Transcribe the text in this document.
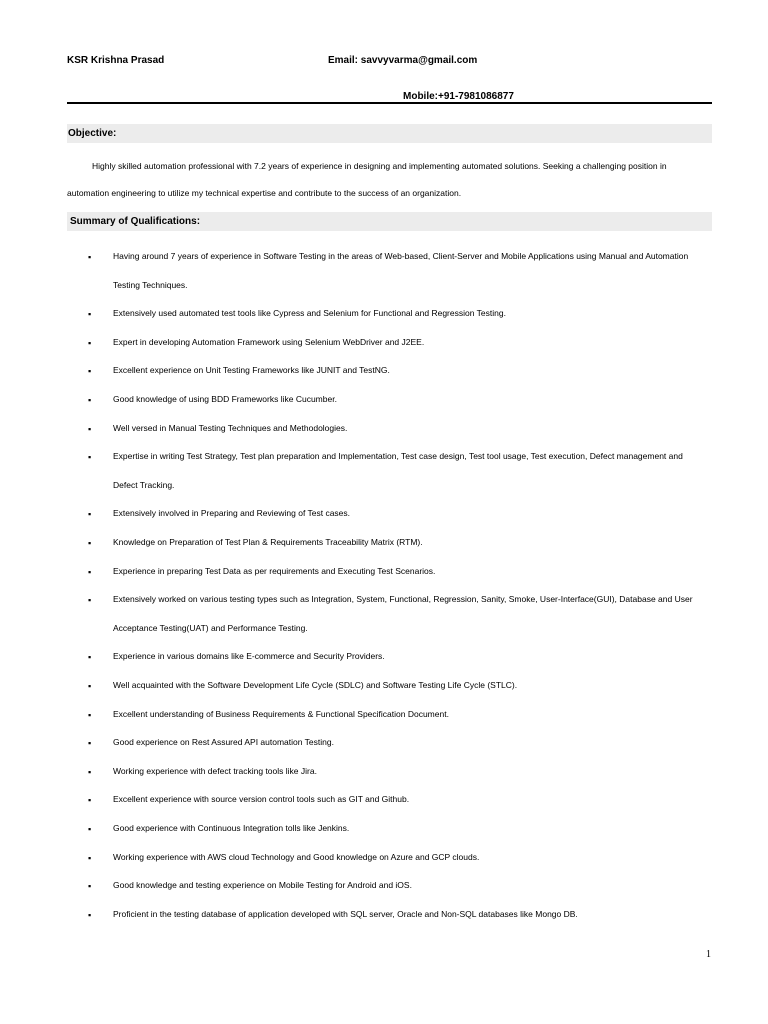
KSR Krishna Prasad	Email: savvyvarma@gmail.com
Mobile:+91-7981086877
Objective:
Highly skilled automation professional with 7.2 years of experience in designing and implementing automated solutions. Seeking a challenging position in
automation engineering to utilize my technical expertise and contribute to the success of an organization.
Summary of Qualifications:
▪	Having around 7 years of experience in Software Testing in the areas of Web-based, Client-Server and Mobile Applications using Manual and Automation
Testing Techniques.
▪	Extensively used automated test tools like Cypress and Selenium for Functional and Regression Testing.
▪	Expert in developing Automation Framework using Selenium WebDriver and J2EE.
▪	Excellent experience on Unit Testing Frameworks like JUNIT and TestNG.
▪	Good knowledge of using BDD Frameworks like Cucumber.
▪	Well versed in Manual Testing Techniques and Methodologies.
▪	Expertise in writing Test Strategy, Test plan preparation and Implementation, Test case design, Test tool usage, Test execution, Defect management and
Defect Tracking.
▪	Extensively involved in Preparing and Reviewing of Test cases.
▪	Knowledge on Preparation of Test Plan & Requirements Traceability Matrix (RTM).
▪	Experience in preparing Test Data as per requirements and Executing Test Scenarios.
▪	Extensively worked on various testing types such as Integration, System, Functional, Regression, Sanity, Smoke, User-Interface(GUI), Database and User
Acceptance Testing(UAT) and Performance Testing.
▪	Experience in various domains like E-commerce and Security Providers.
▪	Well acquainted with the Software Development Life Cycle (SDLC) and Software Testing Life Cycle (STLC).
▪	Excellent understanding of Business Requirements & Functional Specification Document.
▪	Good experience on Rest Assured API automation Testing.
▪	Working experience with defect tracking tools like Jira.
▪	Excellent experience with source version control tools such as GIT and Github.
▪	Good experience with Continuous Integration tolls like Jenkins.
▪	Working experience with AWS cloud Technology and Good knowledge on Azure and GCP clouds.
▪	Good knowledge and testing experience on Mobile Testing for Android and iOS.
▪	Proficient in the testing database of application developed with SQL server, Oracle and Non-SQL databases like Mongo DB.
1
